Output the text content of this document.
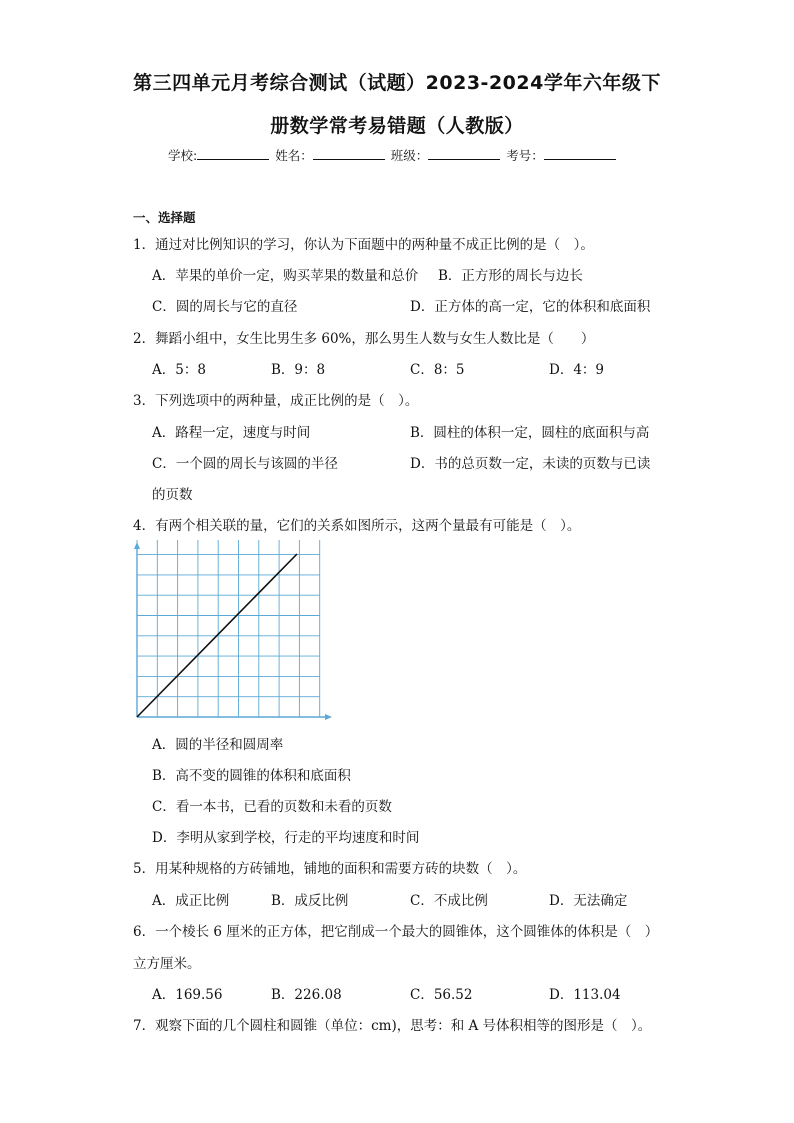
第三四单元月考综合测试（试题）2023-2024学年六年级下
册数学常考易错题（人教版）
学校:	姓名：	班级：	考号：
一、选择题
1．通过对比例知识的学习，你认为下面题中的两种量不成正比例的是（　）。
A．苹果的单价一定，购买苹果的数量和总价 B．正方形的周长与边长
C．圆的周长与它的直径	D．正方体的高一定，它的体积和底面积
2．舞蹈小组中，女生比男生多 60%，那么男生人数与女生人数比是（　　）
A．5：8	B．9：8	C．8：5	D．4：9
3．下列选项中的两种量，成正比例的是（　）。
A．路程一定，速度与时间	B．圆柱的体积一定，圆柱的底面积与高
C．一个圆的周长与该圆的半径	D．书的总页数一定，未读的页数与已读
的页数
4．有两个相关联的量，它们的关系如图所示，这两个量最有可能是（　）。
A．圆的半径和圆周率
B．高不变的圆锥的体积和底面积
C．看一本书，已看的页数和未看的页数
D．李明从家到学校，行走的平均速度和时间
5．用某种规格的方砖铺地，铺地的面积和需要方砖的块数（　）。
A．成正比例	B．成反比例	C．不成比例	D．无法确定
6．一个棱长 6 厘米的正方体，把它削成一个最大的圆锥体，这个圆锥体的体积是（　）
立方厘米。
A．169.56	B．226.08	C．56.52	D．113.04
7．观察下面的几个圆柱和圆锥（单位：cm)，思考：和 A 号体积相等的图形是（　）。
